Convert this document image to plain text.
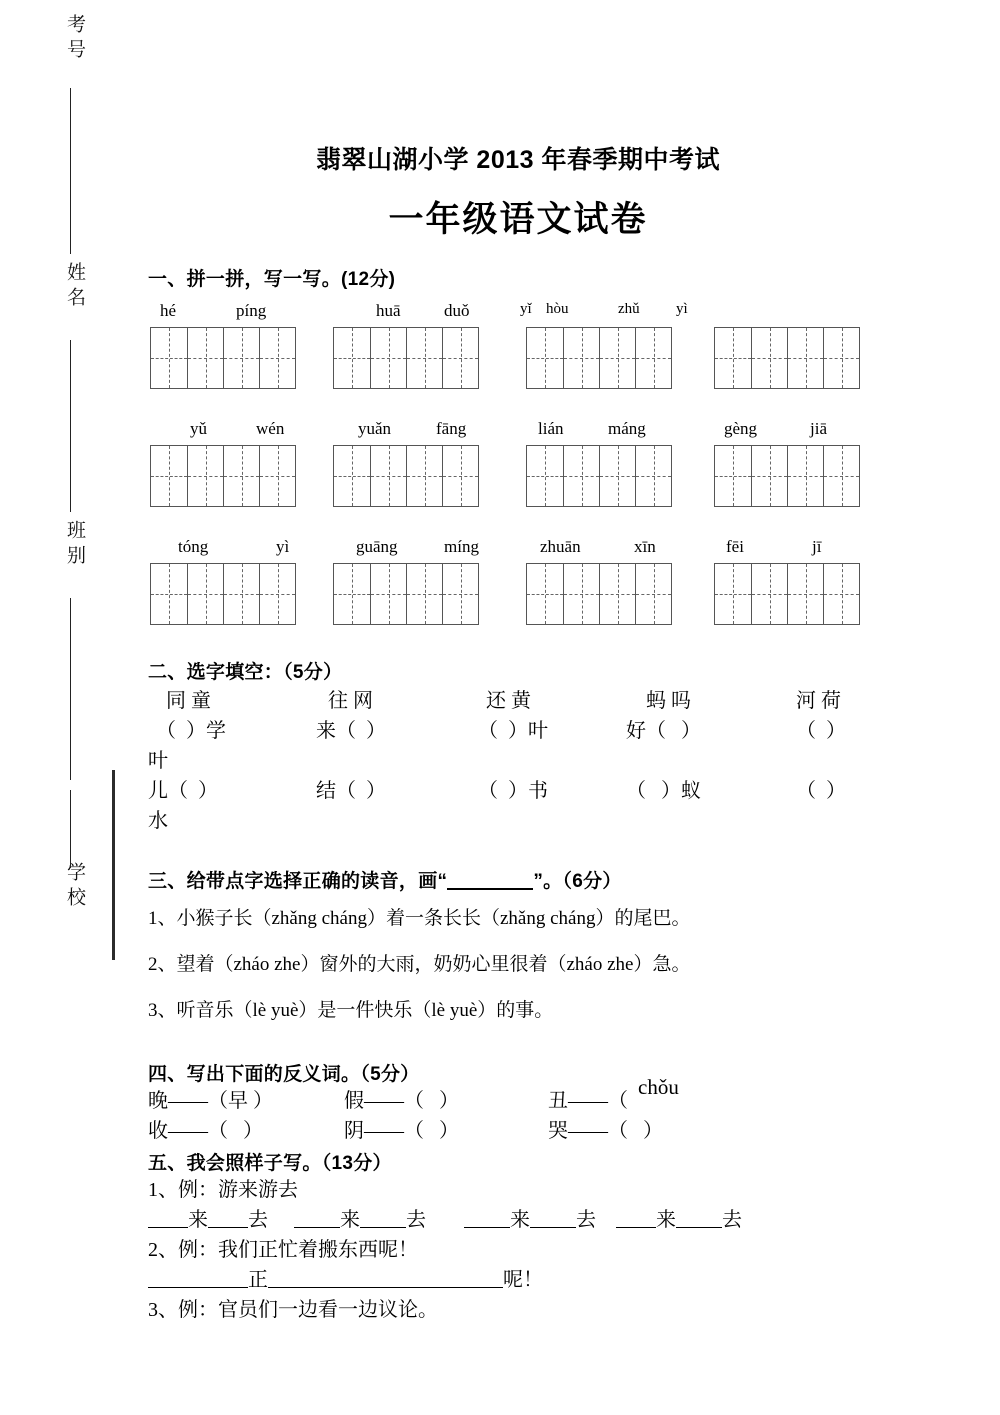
考号
姓名
班别
学校
翡翠山湖小学 2013 年春季期中考试
一年级语文试卷
一、拼一拼，写一写。(12分)
hé	píng	huā	duǒ	yǐ hòu	zhǔ yì
yǔ	wén	yuǎn	fāng	lián	máng	gèng	jiā
tóng	yì	guāng	míng	zhuān	xīn	fēi	jī
二、选字填空：（5分）
同 童	往 网	还 黄	蚂 吗	河 荷
（  ）学	来（  ）	（  ）叶	好（   ）	（  ）
叶
儿（  ）	结（  ）	（  ）书	（   ）蚁	（  ）
水
三、给带点字选择正确的读音，画“	”。（6分）
1、小猴子长（zhǎng cháng）着一条长长（zhǎng cháng）的尾巴。
2、望着（zháo zhe）窗外的大雨，奶奶心里很着（zháo zhe）急。
3、听音乐（lè yuè）是一件快乐（lè yuè）的事。
四、写出下面的反义词。（5分）
晚——（早 ）	假——（   ）	丑——（
chǒu
收——（   ）	阴——（   ）	哭——（   ）
五、我会照样子写。（13分）
1、例：游来游去
来 去	来 去	来 去	来 去
2、例：我们正忙着搬东西呢！
正	呢！
3、例：官员们一边看一边议论。
